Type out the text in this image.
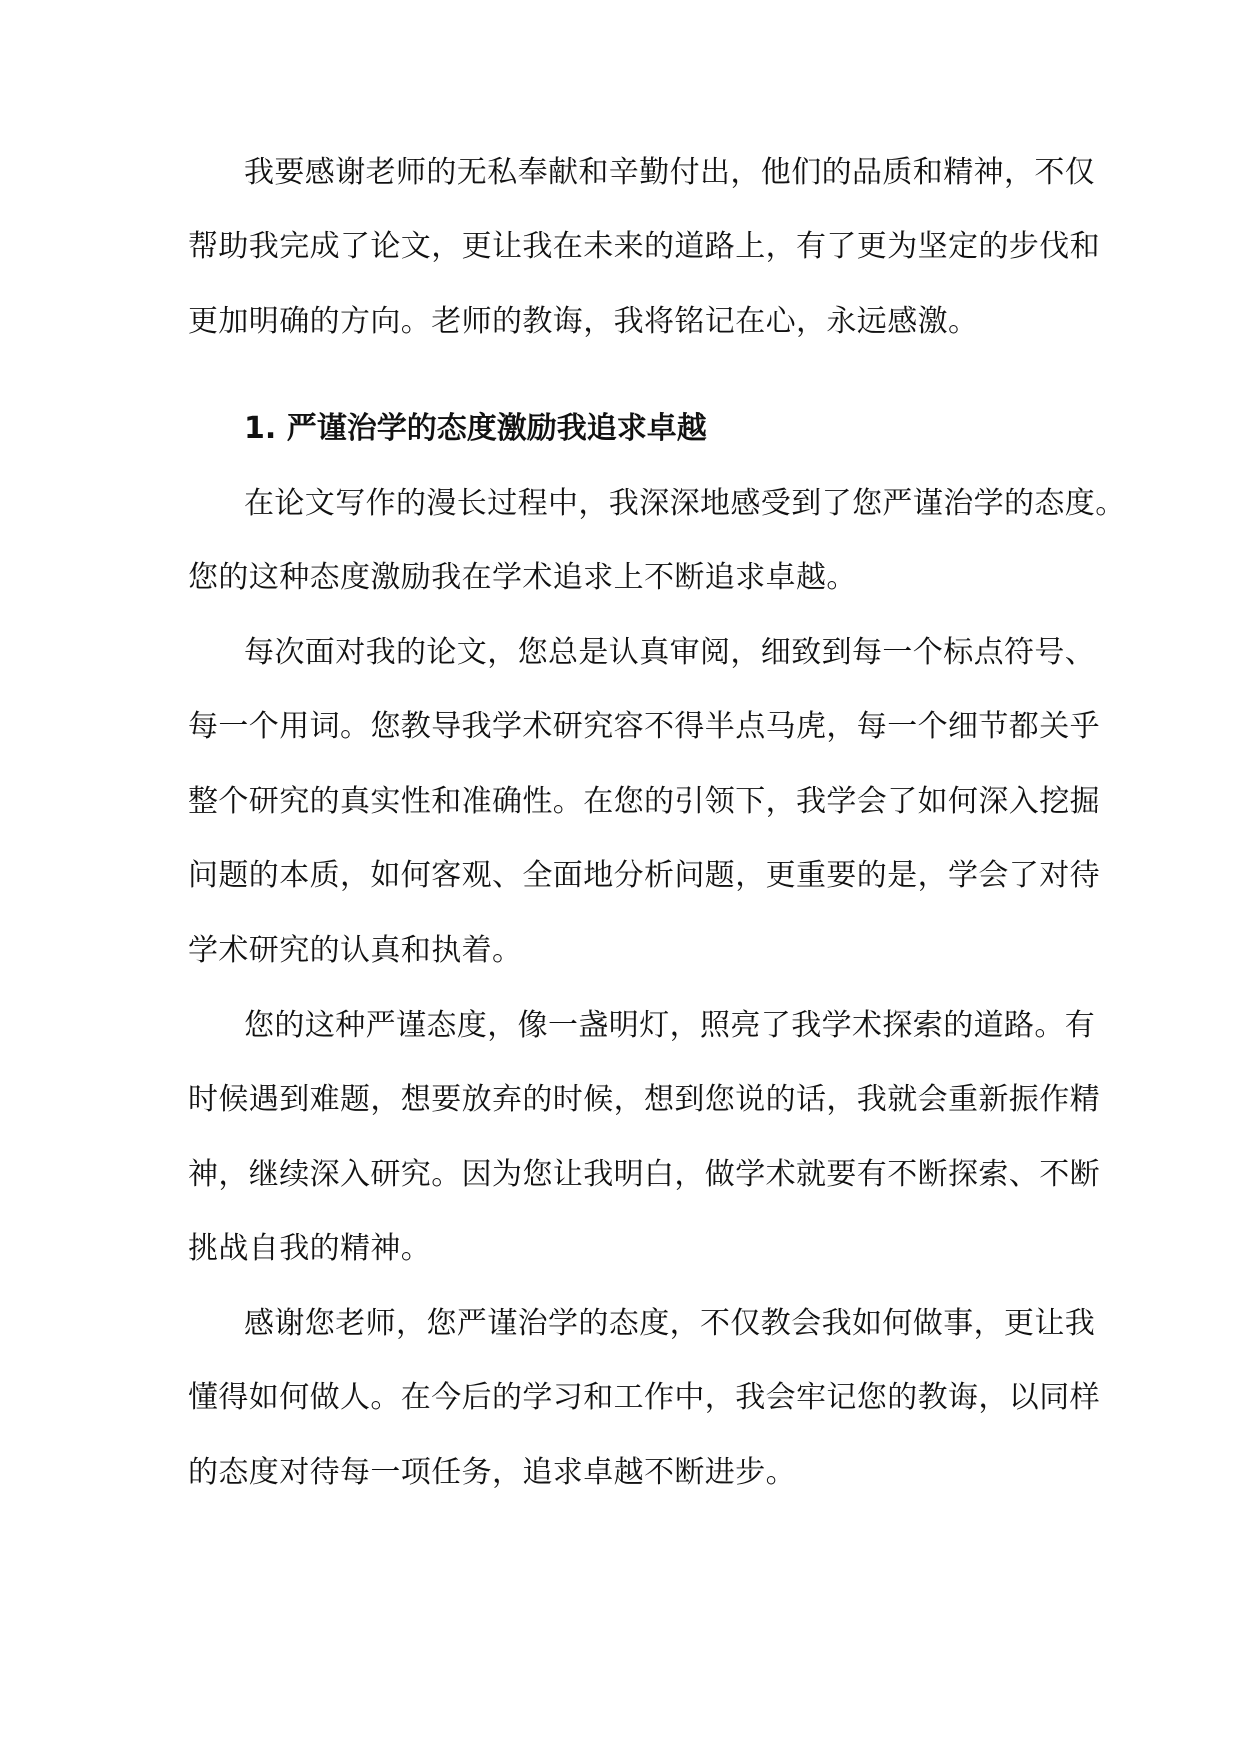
我要感谢老师的无私奉献和辛勤付出，他们的品质和精神，不仅
帮助我完成了论文，更让我在未来的道路上，有了更为坚定的步伐和
更加明确的方向。老师的教诲，我将铭记在心，永远感激。
1. 严谨治学的态度激励我追求卓越
在论文写作的漫长过程中，我深深地感受到了您严谨治学的态度。
您的这种态度激励我在学术追求上不断追求卓越。
每次面对我的论文，您总是认真审阅，细致到每一个标点符号、
每一个用词。您教导我学术研究容不得半点马虎，每一个细节都关乎
整个研究的真实性和准确性。在您的引领下，我学会了如何深入挖掘
问题的本质，如何客观、全面地分析问题，更重要的是，学会了对待
学术研究的认真和执着。
您的这种严谨态度，像一盏明灯，照亮了我学术探索的道路。有
时候遇到难题，想要放弃的时候，想到您说的话，我就会重新振作精
神，继续深入研究。因为您让我明白，做学术就要有不断探索、不断
挑战自我的精神。
感谢您老师，您严谨治学的态度，不仅教会我如何做事，更让我
懂得如何做人。在今后的学习和工作中，我会牢记您的教诲，以同样
的态度对待每一项任务，追求卓越不断进步。
